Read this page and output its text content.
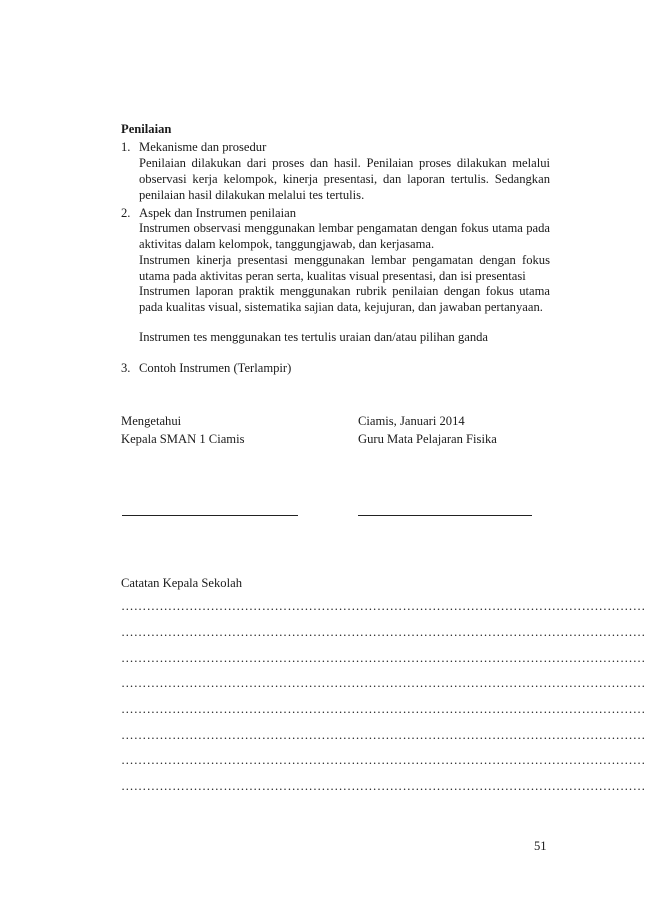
Penilaian
1. Mekanisme dan prosedur
Penilaian dilakukan dari proses dan hasil. Penilaian proses dilakukan melalui observasi kerja kelompok, kinerja presentasi, dan laporan tertulis. Sedangkan penilaian hasil dilakukan melalui tes tertulis.
2. Aspek dan Instrumen penilaian
Instrumen observasi menggunakan lembar pengamatan dengan fokus utama pada aktivitas dalam kelompok, tanggungjawab, dan kerjasama.
Instrumen kinerja presentasi menggunakan lembar pengamatan dengan fokus utama pada aktivitas peran serta, kualitas visual presentasi, dan isi presentasi
Instrumen laporan praktik menggunakan rubrik penilaian dengan fokus utama pada kualitas visual, sistematika sajian data, kejujuran, dan jawaban pertanyaan.
Instrumen tes menggunakan tes tertulis uraian dan/atau pilihan ganda
3. Contoh Instrumen (Terlampir)
Mengetahui
Kepala SMAN 1 Ciamis
Ciamis, Januari 2014
Guru Mata Pelajaran Fisika
Catatan Kepala Sekolah
……………………………………………………………………………………………………………
……………………………………………………………………………………………………………
……………………………………………………………………………………………………………
……………………………………………………………………………………………………………
……………………………………………………………………………………………………………
……………………………………………………………………………………………………………
……………………………………………………………………………………………………………
……………………………………………………………………………………………………………
51
